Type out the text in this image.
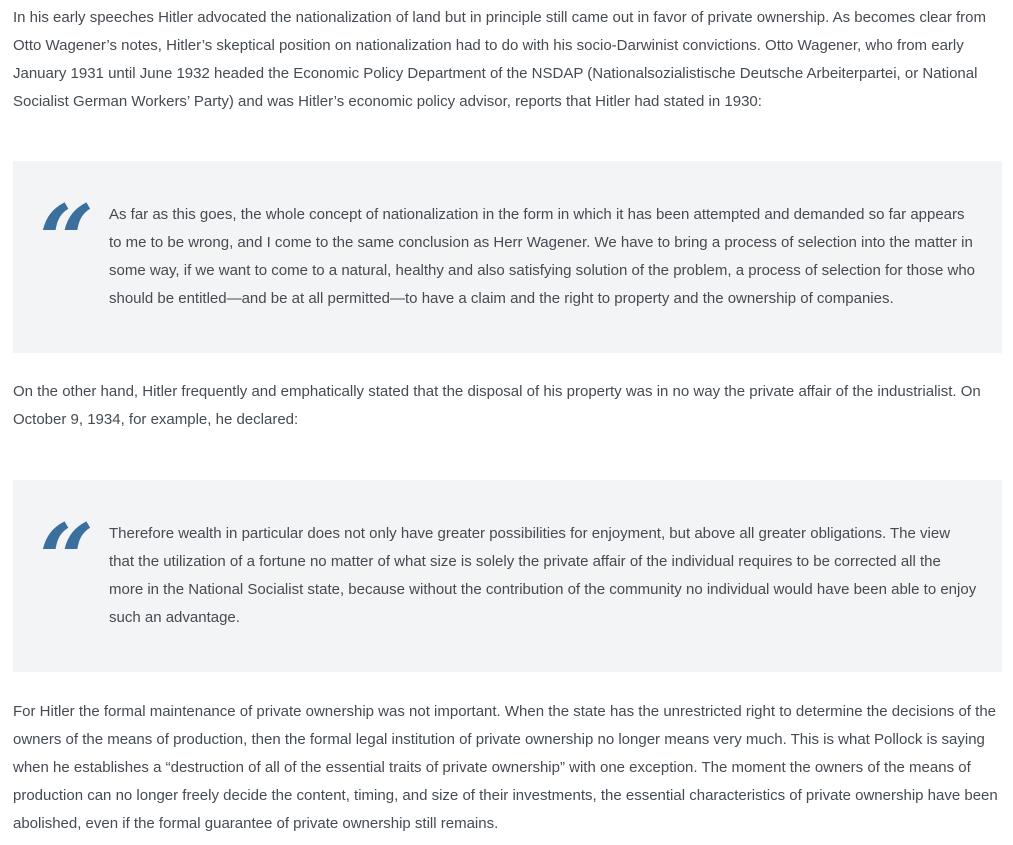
In his early speeches Hitler advocated the nationalization of land but in principle still came out in favor of private ownership. As becomes clear from Otto Wagener’s notes, Hitler’s skeptical position on nationalization had to do with his socio-Darwinist convictions. Otto Wagener, who from early January 1931 until June 1932 headed the Economic Policy Department of the NSDAP (Nationalsozialistische Deutsche Arbeiterpartei, or National Socialist German Workers’ Party) and was Hitler’s economic policy advisor, reports that Hitler had stated in 1930:

“ As far as this goes, the whole concept of nationalization in the form in which it has been attempted and demanded so far appears to me to be wrong, and I come to the same conclusion as Herr Wagener. We have to bring a process of selection into the matter in some way, if we want to come to a natural, healthy and also satisfying solution of the problem, a process of selection for those who should be entitled—and be at all permitted—to have a claim and the right to property and the ownership of companies.

On the other hand, Hitler frequently and emphatically stated that the disposal of his property was in no way the private affair of the industrialist. On October 9, 1934, for example, he declared:

“ Therefore wealth in particular does not only have greater possibilities for enjoyment, but above all greater obligations. The view that the utilization of a fortune no matter of what size is solely the private affair of the individual requires to be corrected all the more in the National Socialist state, because without the contribution of the community no individual would have been able to enjoy such an advantage.

For Hitler the formal maintenance of private ownership was not important. When the state has the unrestricted right to determine the decisions of the owners of the means of production, then the formal legal institution of private ownership no longer means very much. This is what Pollock is saying when he establishes a “destruction of all of the essential traits of private ownership” with one exception. The moment the owners of the means of production can no longer freely decide the content, timing, and size of their investments, the essential characteristics of private ownership have been abolished, even if the formal guarantee of private ownership still remains.
